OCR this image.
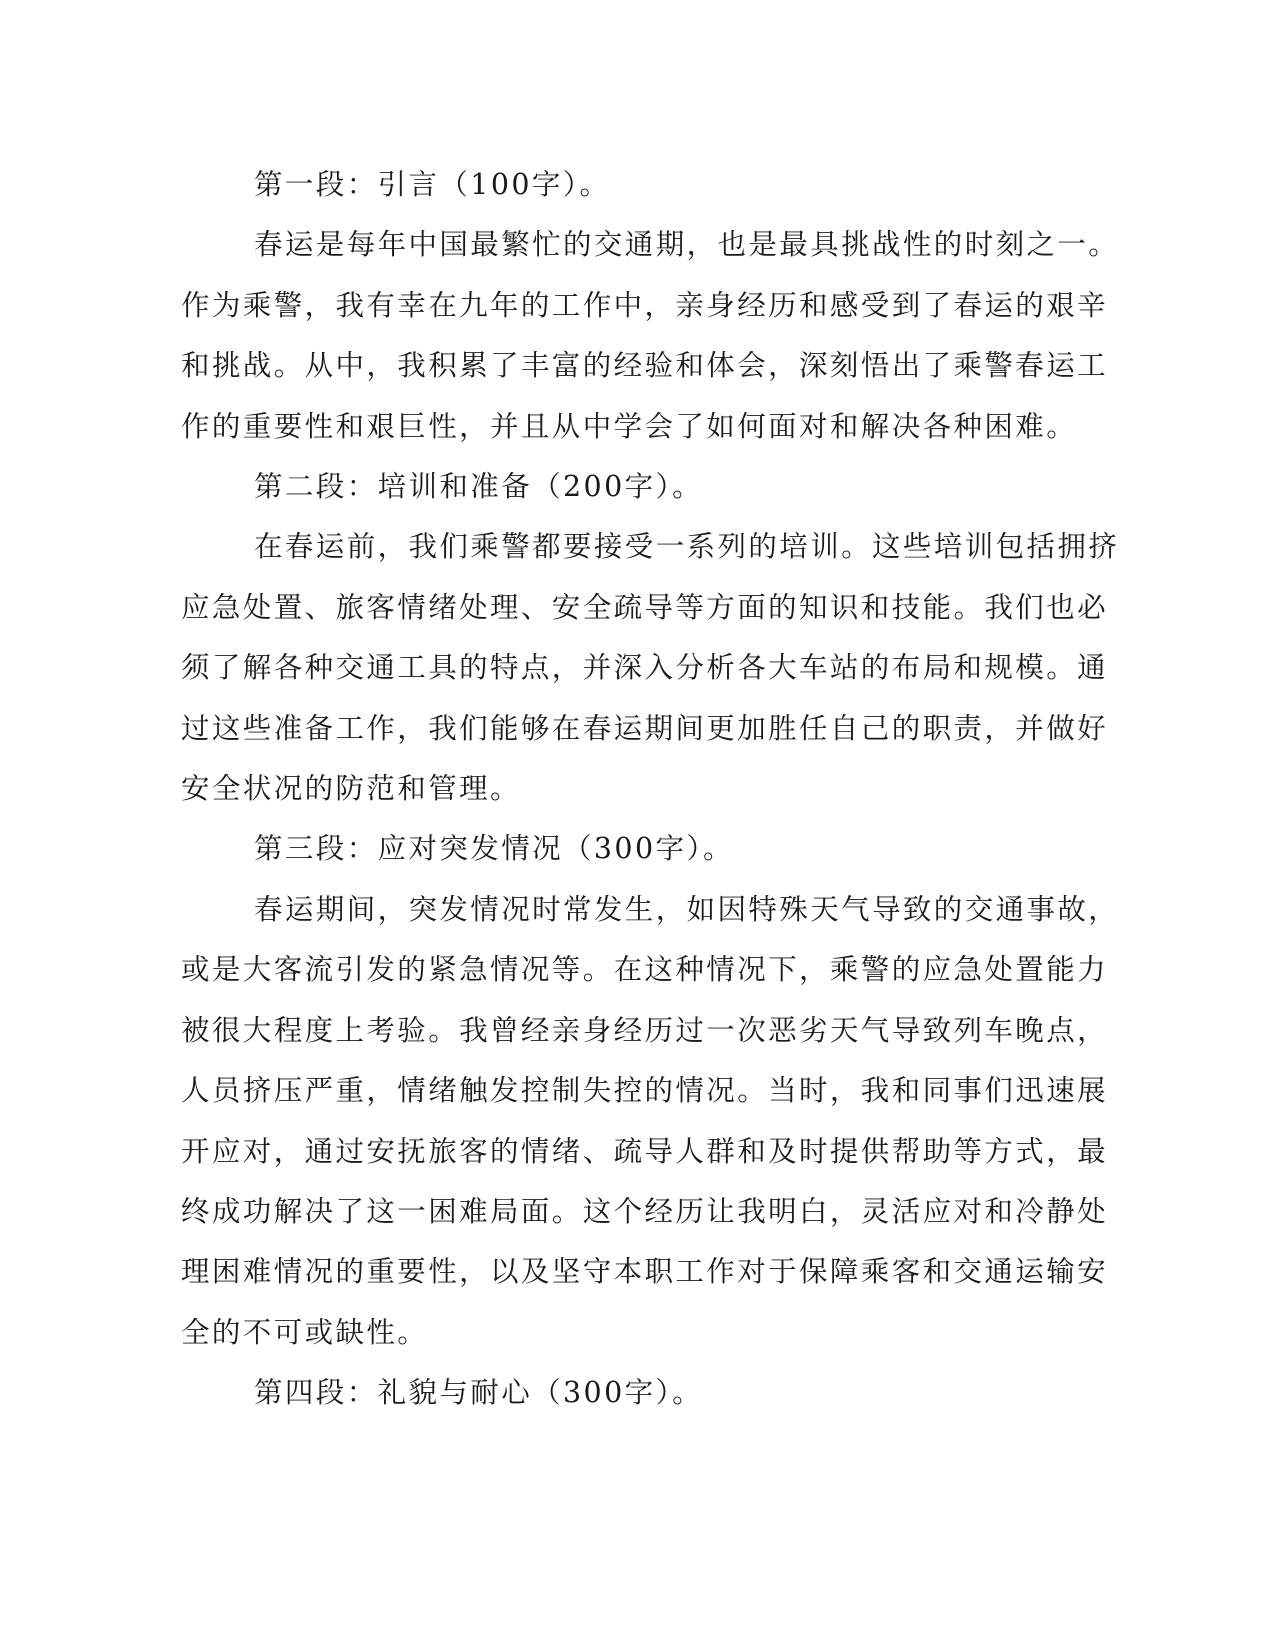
第一段：引言（100字）。

春运是每年中国最繁忙的交通期，也是最具挑战性的时刻之一。
作为乘警，我有幸在九年的工作中，亲身经历和感受到了春运的艰辛
和挑战。从中，我积累了丰富的经验和体会，深刻悟出了乘警春运工
作的重要性和艰巨性，并且从中学会了如何面对和解决各种困难。

第二段：培训和准备（200字）。

在春运前，我们乘警都要接受一系列的培训。这些培训包括拥挤
应急处置、旅客情绪处理、安全疏导等方面的知识和技能。我们也必
须了解各种交通工具的特点，并深入分析各大车站的布局和规模。通
过这些准备工作，我们能够在春运期间更加胜任自己的职责，并做好
安全状况的防范和管理。

第三段：应对突发情况（300字）。

春运期间，突发情况时常发生，如因特殊天气导致的交通事故，
或是大客流引发的紧急情况等。在这种情况下，乘警的应急处置能力
被很大程度上考验。我曾经亲身经历过一次恶劣天气导致列车晚点，
人员挤压严重，情绪触发控制失控的情况。当时，我和同事们迅速展
开应对，通过安抚旅客的情绪、疏导人群和及时提供帮助等方式，最
终成功解决了这一困难局面。这个经历让我明白，灵活应对和冷静处
理困难情况的重要性，以及坚守本职工作对于保障乘客和交通运输安
全的不可或缺性。

第四段：礼貌与耐心（300字）。
